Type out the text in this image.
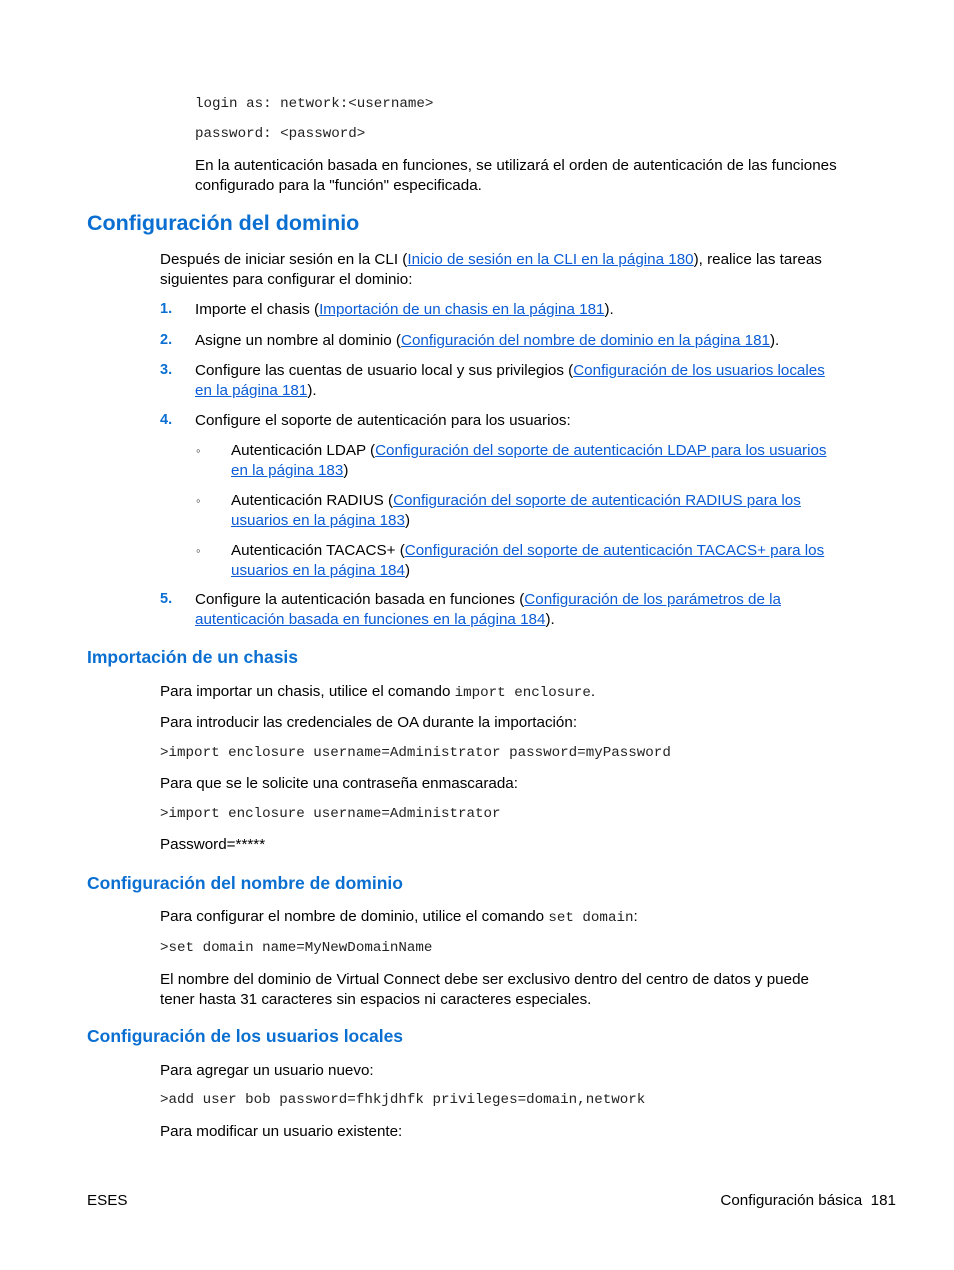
login as: network:<username>
password: <password>
En la autenticación basada en funciones, se utilizará el orden de autenticación de las funciones
configurado para la "función" especificada.
Configuración del dominio
Después de iniciar sesión en la CLI (Inicio de sesión en la CLI en la página 180), realice las tareas
siguientes para configurar el dominio:
1. Importe el chasis (Importación de un chasis en la página 181).
2. Asigne un nombre al dominio (Configuración del nombre de dominio en la página 181).
3. Configure las cuentas de usuario local y sus privilegios (Configuración de los usuarios locales
en la página 181).
4. Configure el soporte de autenticación para los usuarios:
◦ Autenticación LDAP (Configuración del soporte de autenticación LDAP para los usuarios
en la página 183)
◦ Autenticación RADIUS (Configuración del soporte de autenticación RADIUS para los
usuarios en la página 183)
◦ Autenticación TACACS+ (Configuración del soporte de autenticación TACACS+ para los
usuarios en la página 184)
5. Configure la autenticación basada en funciones (Configuración de los parámetros de la
autenticación basada en funciones en la página 184).
Importación de un chasis
Para importar un chasis, utilice el comando import enclosure.
Para introducir las credenciales de OA durante la importación:
>import enclosure username=Administrator password=myPassword
Para que se le solicite una contraseña enmascarada:
>import enclosure username=Administrator
Password=*****
Configuración del nombre de dominio
Para configurar el nombre de dominio, utilice el comando set domain:
>set domain name=MyNewDomainName
El nombre del dominio de Virtual Connect debe ser exclusivo dentro del centro de datos y puede
tener hasta 31 caracteres sin espacios ni caracteres especiales.
Configuración de los usuarios locales
Para agregar un usuario nuevo:
>add user bob password=fhkjdhfk privileges=domain,network
Para modificar un usuario existente:
ESES	Configuración básica 181
